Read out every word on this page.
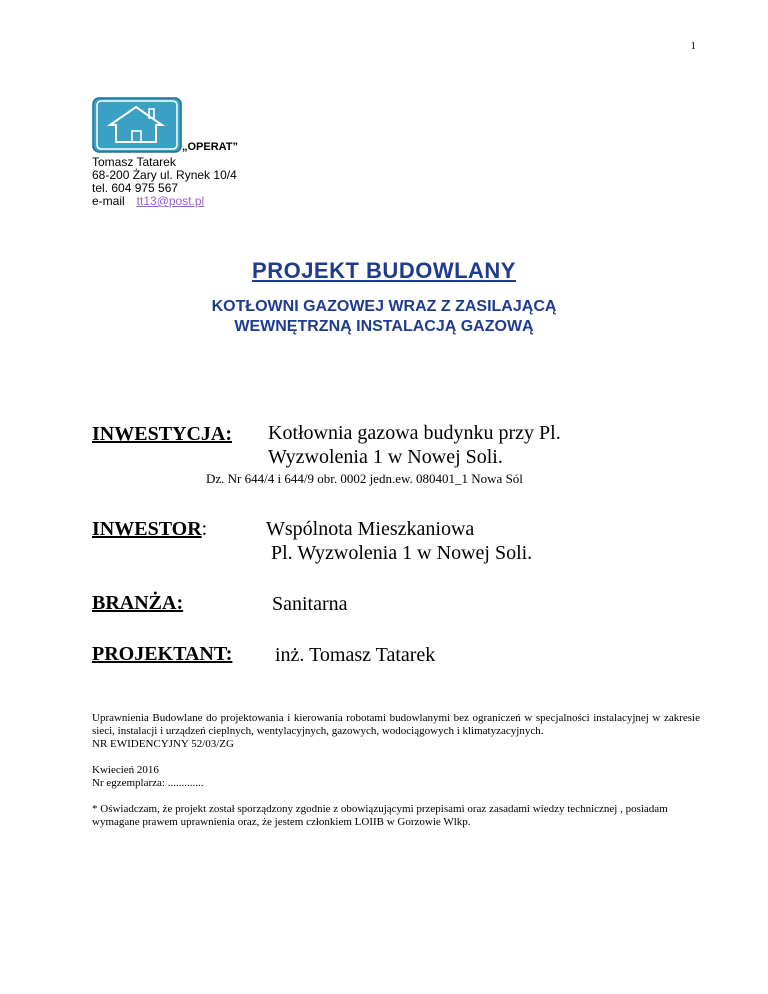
1
„OPERAT”
Tomasz Tatarek
68-200 Żary ul. Rynek 10/4
tel. 604 975 567
e-mail tt13@post.pl
PROJEKT BUDOWLANY
KOTŁOWNI GAZOWEJ WRAZ Z ZASILAJĄCĄ
WEWNĘTRZNĄ INSTALACJĄ GAZOWĄ
INWESTYCJA: Kotłownia gazowa budynku przy Pl.
Wyzwolenia 1 w Nowej Soli.
Dz. Nr 644/4 i 644/9 obr. 0002 jedn.ew. 080401_1 Nowa Sól
INWESTOR:	Wspólnota Mieszkaniowa
Pl. Wyzwolenia 1 w Nowej Soli.
BRANŻA:	Sanitarna
PROJEKTANT: inż. Tomasz Tatarek

Uprawnienia Budowlane do projektowania i kierowania robotami budowlanymi bez ograniczeń w specjalności instalacyjnej w zakresie sieci, instalacji i urządzeń cieplnych, wentylacyjnych, gazowych, wodociągowych i klimatyzacyjnych.

NR EWIDENCYJNY 52/03/ZG

Kwiecień 2016

Nr egzemplarza: .............

* Oświadczam, że projekt został sporządzony zgodnie z obowiązującymi przepisami oraz zasadami wiedzy technicznej , posiadam wymagane prawem uprawnienia oraz, że jestem członkiem LOIIB w Gorzowie Wlkp.
